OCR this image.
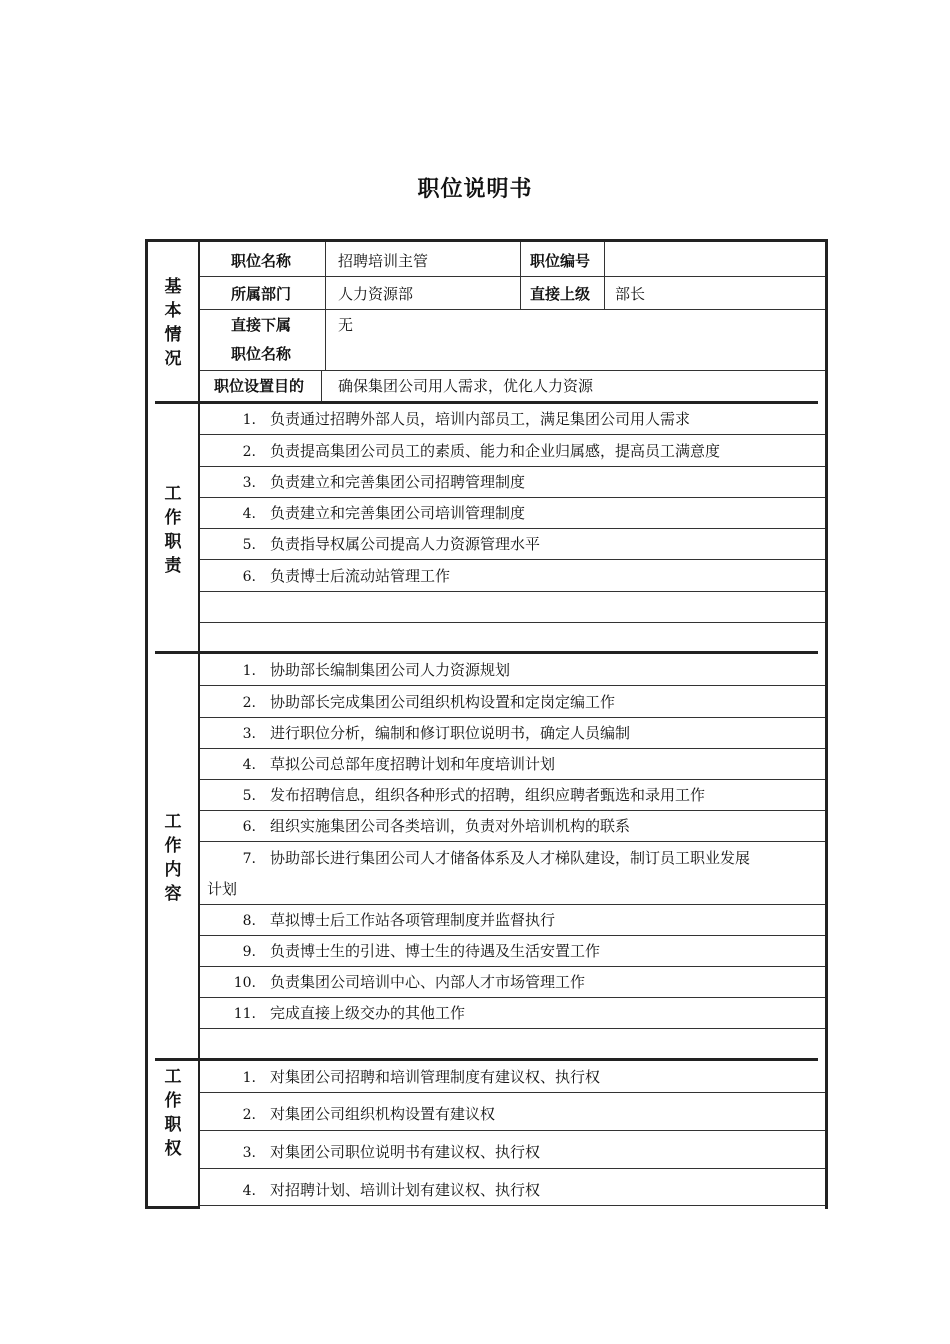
职位说明书
基
本
情
况
职位名称	招聘培训主管	职位编号
所属部门	人力资源部	直接上级 部长
直接下属
职位名称
无
职位设置目的 确保集团公司用人需求，优化人力资源
工
作
职
责
1. 负责通过招聘外部人员，培训内部员工，满足集团公司用人需求
2. 负责提高集团公司员工的素质、能力和企业归属感，提高员工满意度
3. 负责建立和完善集团公司招聘管理制度
4. 负责建立和完善集团公司培训管理制度
5. 负责指导权属公司提高人力资源管理水平
6. 负责博士后流动站管理工作
工
作
内
容
1. 协助部长编制集团公司人力资源规划
2. 协助部长完成集团公司组织机构设置和定岗定编工作
3. 进行职位分析，编制和修订职位说明书，确定人员编制
4. 草拟公司总部年度招聘计划和年度培训计划
5. 发布招聘信息，组织各种形式的招聘，组织应聘者甄选和录用工作
6. 组织实施集团公司各类培训，负责对外培训机构的联系
7. 协助部长进行集团公司人才储备体系及人才梯队建设，制订员工职业发展
计划
8. 草拟博士后工作站各项管理制度并监督执行
9. 负责博士生的引进、博士生的待遇及生活安置工作
10. 负责集团公司培训中心、内部人才市场管理工作
11. 完成直接上级交办的其他工作
工
作
职
权
1. 对集团公司招聘和培训管理制度有建议权、执行权
2. 对集团公司组织机构设置有建议权
3. 对集团公司职位说明书有建议权、执行权
4. 对招聘计划、培训计划有建议权、执行权
